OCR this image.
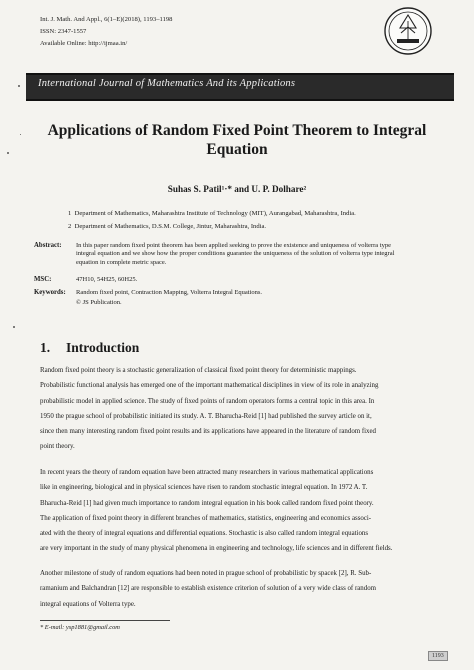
Int. J. Math. And Appl., 6(1–E)(2018), 1193–1198
ISSN: 2347-1557
Available Online: http://ijmaa.in/
International Journal of Mathematics And its Applications
Applications of Random Fixed Point Theorem to Integral
Equation
Suhas S. Patil¹·* and U. P. Dolhare²
1 Department of Mathematics, Maharashtra Institute of Technology (MIT), Aurangabad, Maharashtra, India.
2 Department of Mathematics, D.S.M. College, Jintur, Maharashtra, India.
Abstract: In this paper random fixed point theorem has been applied seeking to prove the existence and uniqueness of volterra type
integral equation and we show how the proper conditions guarantee the uniqueness of the solution of volterra type integral
equation in complete metric space.
MSC:	47H10, 54H25, 60H25.
Keywords: Random fixed point, Contraction Mapping, Volterra Integral Equations.
© JS Publication.
1. Introduction
Random fixed point theory is a stochastic generalization of classical fixed point theory for deterministic mappings.
Probabilistic functional analysis has emerged one of the important mathematical disciplines in view of its role in analyzing
probabilistic model in applied science. The study of fixed points of random operators forms a central topic in this area. In
1950 the prague school of probabilistic initiated its study. A. T. Bharucha-Reid [1] had published the survey article on it,
since then many interesting random fixed point results and its applications have appeared in the literature of random fixed
point theory.
In recent years the theory of random equation have been attracted many researchers in various mathematical applications
like in engineering, biological and in physical sciences have risen to random stochastic integral equation. In 1972 A. T.
Bharucha-Reid [1] had given much importance to random integral equation in his book called random fixed point theory.
The application of fixed point theory in different branches of mathematics, statistics, engineering and economics associ-
ated with the theory of integral equations and differential equations. Stochastic is also called random integral equations
are very important in the study of many physical phenomena in engineering and technology, life sciences and in different fields.
Another milestone of study of random equations had been noted in prague school of probabilistic by spacek [2], R. Sub-
ramanium and Balchandran [12] are responsible to establish existence criterion of solution of a very wide class of random
integral equations of Volterra type.
* E-mail: ysp1881@gmail.com
1193
